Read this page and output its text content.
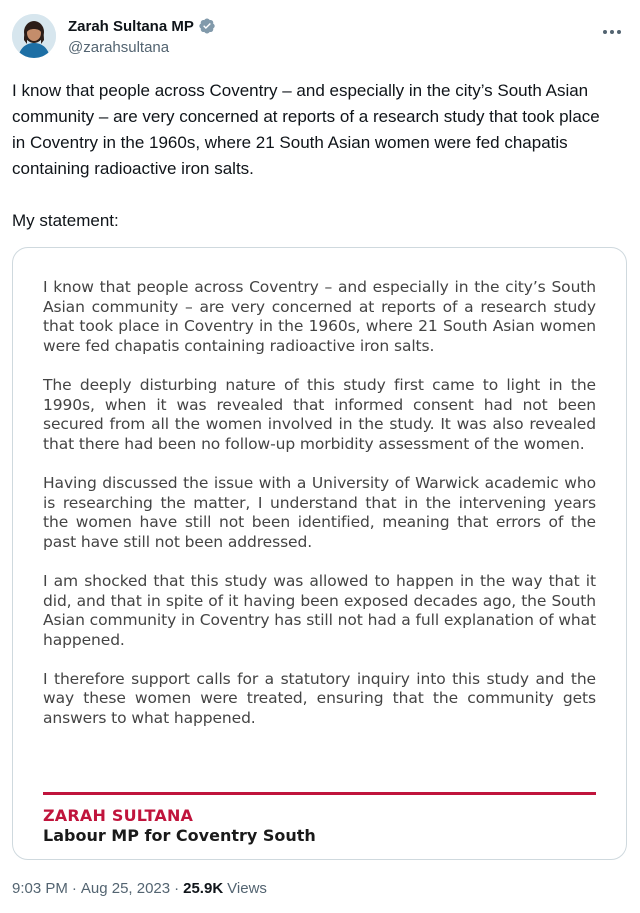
Zarah Sultana MP
@zarahsultana

I know that people across Coventry – and especially in the city’s South Asian community – are very concerned at reports of a research study that took place in Coventry in the 1960s, where 21 South Asian women were fed chapatis containing radioactive iron salts.

My statement:

I know that people across Coventry – and especially in the city’s South Asian community – are very concerned at reports of a research study that took place in Coventry in the 1960s, where 21 South Asian women were fed chapatis containing radioactive iron salts.

The deeply disturbing nature of this study first came to light in the 1990s, when it was revealed that informed consent had not been secured from all the women involved in the study. It was also revealed that there had been no follow-up morbidity assessment of the women.

Having discussed the issue with a University of Warwick academic who is researching the matter, I understand that in the intervening years the women have still not been identified, meaning that errors of the past have still not been addressed.

I am shocked that this study was allowed to happen in the way that it did, and that in spite of it having been exposed decades ago, the South Asian community in Coventry has still not had a full explanation of what happened.

I therefore support calls for a statutory inquiry into this study and the way these women were treated, ensuring that the community gets answers to what happened.

ZARAH SULTANA
Labour MP for Coventry South
9:03 PM · Aug 25, 2023 · 25.9K Views
